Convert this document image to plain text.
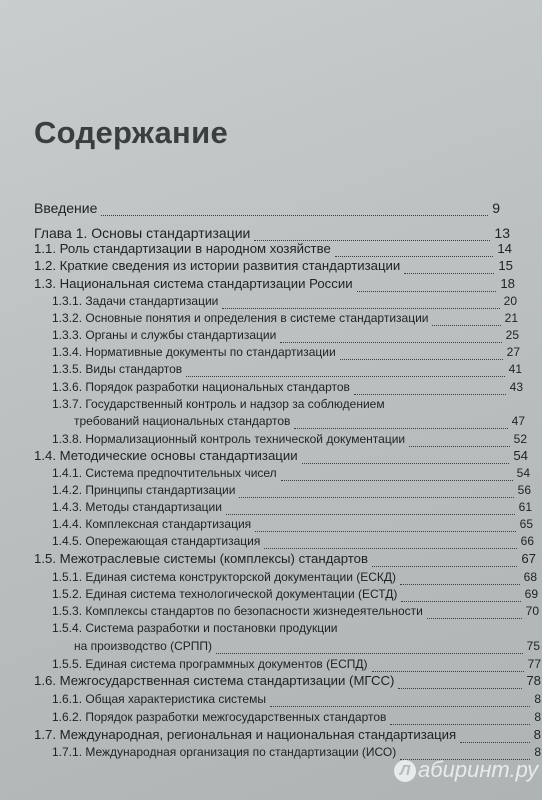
Содержание
Введение	9
Глава 1. Основы стандартизации	13
1.1. Роль стандартизации в народном хозяйстве	14
1.2. Краткие сведения из истории развития стандартизации	15
1.3. Национальная система стандартизации России	18
1.3.1. Задачи стандартизации	20
1.3.2. Основные понятия и определения в системе стандартизации	21
1.3.3. Органы и службы стандартизации	25
1.3.4. Нормативные документы по стандартизации	27
1.3.5. Виды стандартов	41
1.3.6. Порядок разработки национальных стандартов	43
1.3.7. Государственный контроль и надзор за соблюдением
требований национальных стандартов	47
1.3.8. Нормализационный контроль технической документации	52
1.4. Методические основы стандартизации	54
1.4.1. Система предпочтительных чисел	54
1.4.2. Принципы стандартизации	56
1.4.3. Методы стандартизации	61
1.4.4. Комплексная стандартизация	65
1.4.5. Опережающая стандартизация	66
1.5. Межотраслевые системы (комплексы) стандартов	67
1.5.1. Единая система конструкторской документации (ЕСКД)	68
1.5.2. Единая система технологической документации (ЕСТД)	69
1.5.3. Комплексы стандартов по безопасности жизнедеятельности	70
1.5.4. Система разработки и постановки продукции
на производство (СРПП)	75
1.5.5. Единая система программных документов (ЕСПД)	77
1.6. Межгосударственная система стандартизации (МГСС)	78
1.6.1. Общая характеристика системы	8
1.6.2. Порядок разработки межгосударственных стандартов	8
1.7. Международная, региональная и национальная стандартизация	8
1.7.1. Международная организация по стандартизации (ИСО)	8
Л абиринт.ру
